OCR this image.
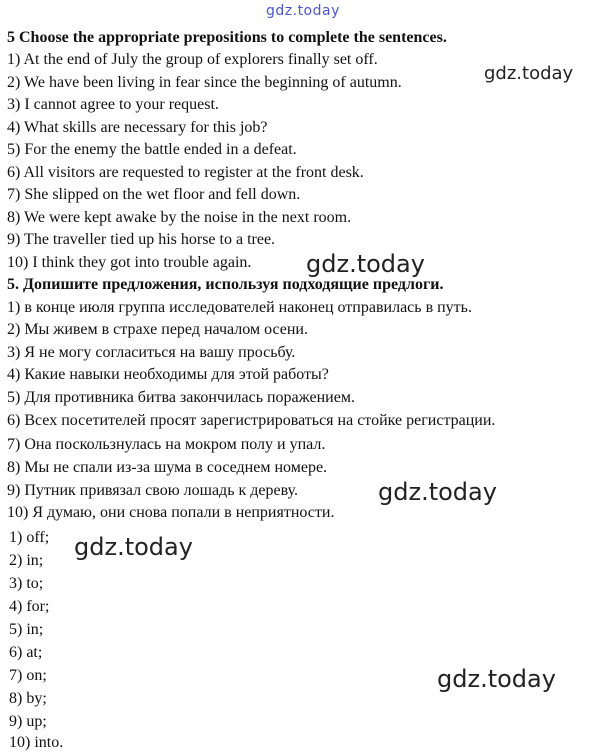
5 Choose the appropriate prepositions to complete the sentences.
1) At the end of July the group of explorers finally set off.
2) We have been living in fear since the beginning of autumn.
3) I cannot agree to your request.
4) What skills are necessary for this job?
5) For the enemy the battle ended in a defeat.
6) All visitors are requested to register at the front desk.
7) She slipped on the wet floor and fell down.
8) We were kept awake by the noise in the next room.
9) The traveller tied up his horse to a tree.
10) I think they got into trouble again.
5. Допишите предложения, используя подходящие предлоги.
1) в конце июля группа исследователей наконец отправилась в путь.
2) Мы живем в страхе перед началом осени.
3) Я не могу согласиться на вашу просьбу.
4) Какие навыки необходимы для этой работы?
5) Для противника битва закончилась поражением.
6) Всех посетителей просят зарегистрироваться на стойке регистрации.
7) Она поскользнулась на мокром полу и упал.
8) Мы не спали из-за шума в соседнем номере.
9) Путник привязал свою лошадь к дереву.
10) Я думаю, они снова попали в неприятности.
1) off;
2) in;
3) to;
4) for;
5) in;
6) at;
7) on;
8) by;
9) up;
10) into.
gdz.today
gdz.today
gdz.today
gdz.today
gdz.today
gdz.today
